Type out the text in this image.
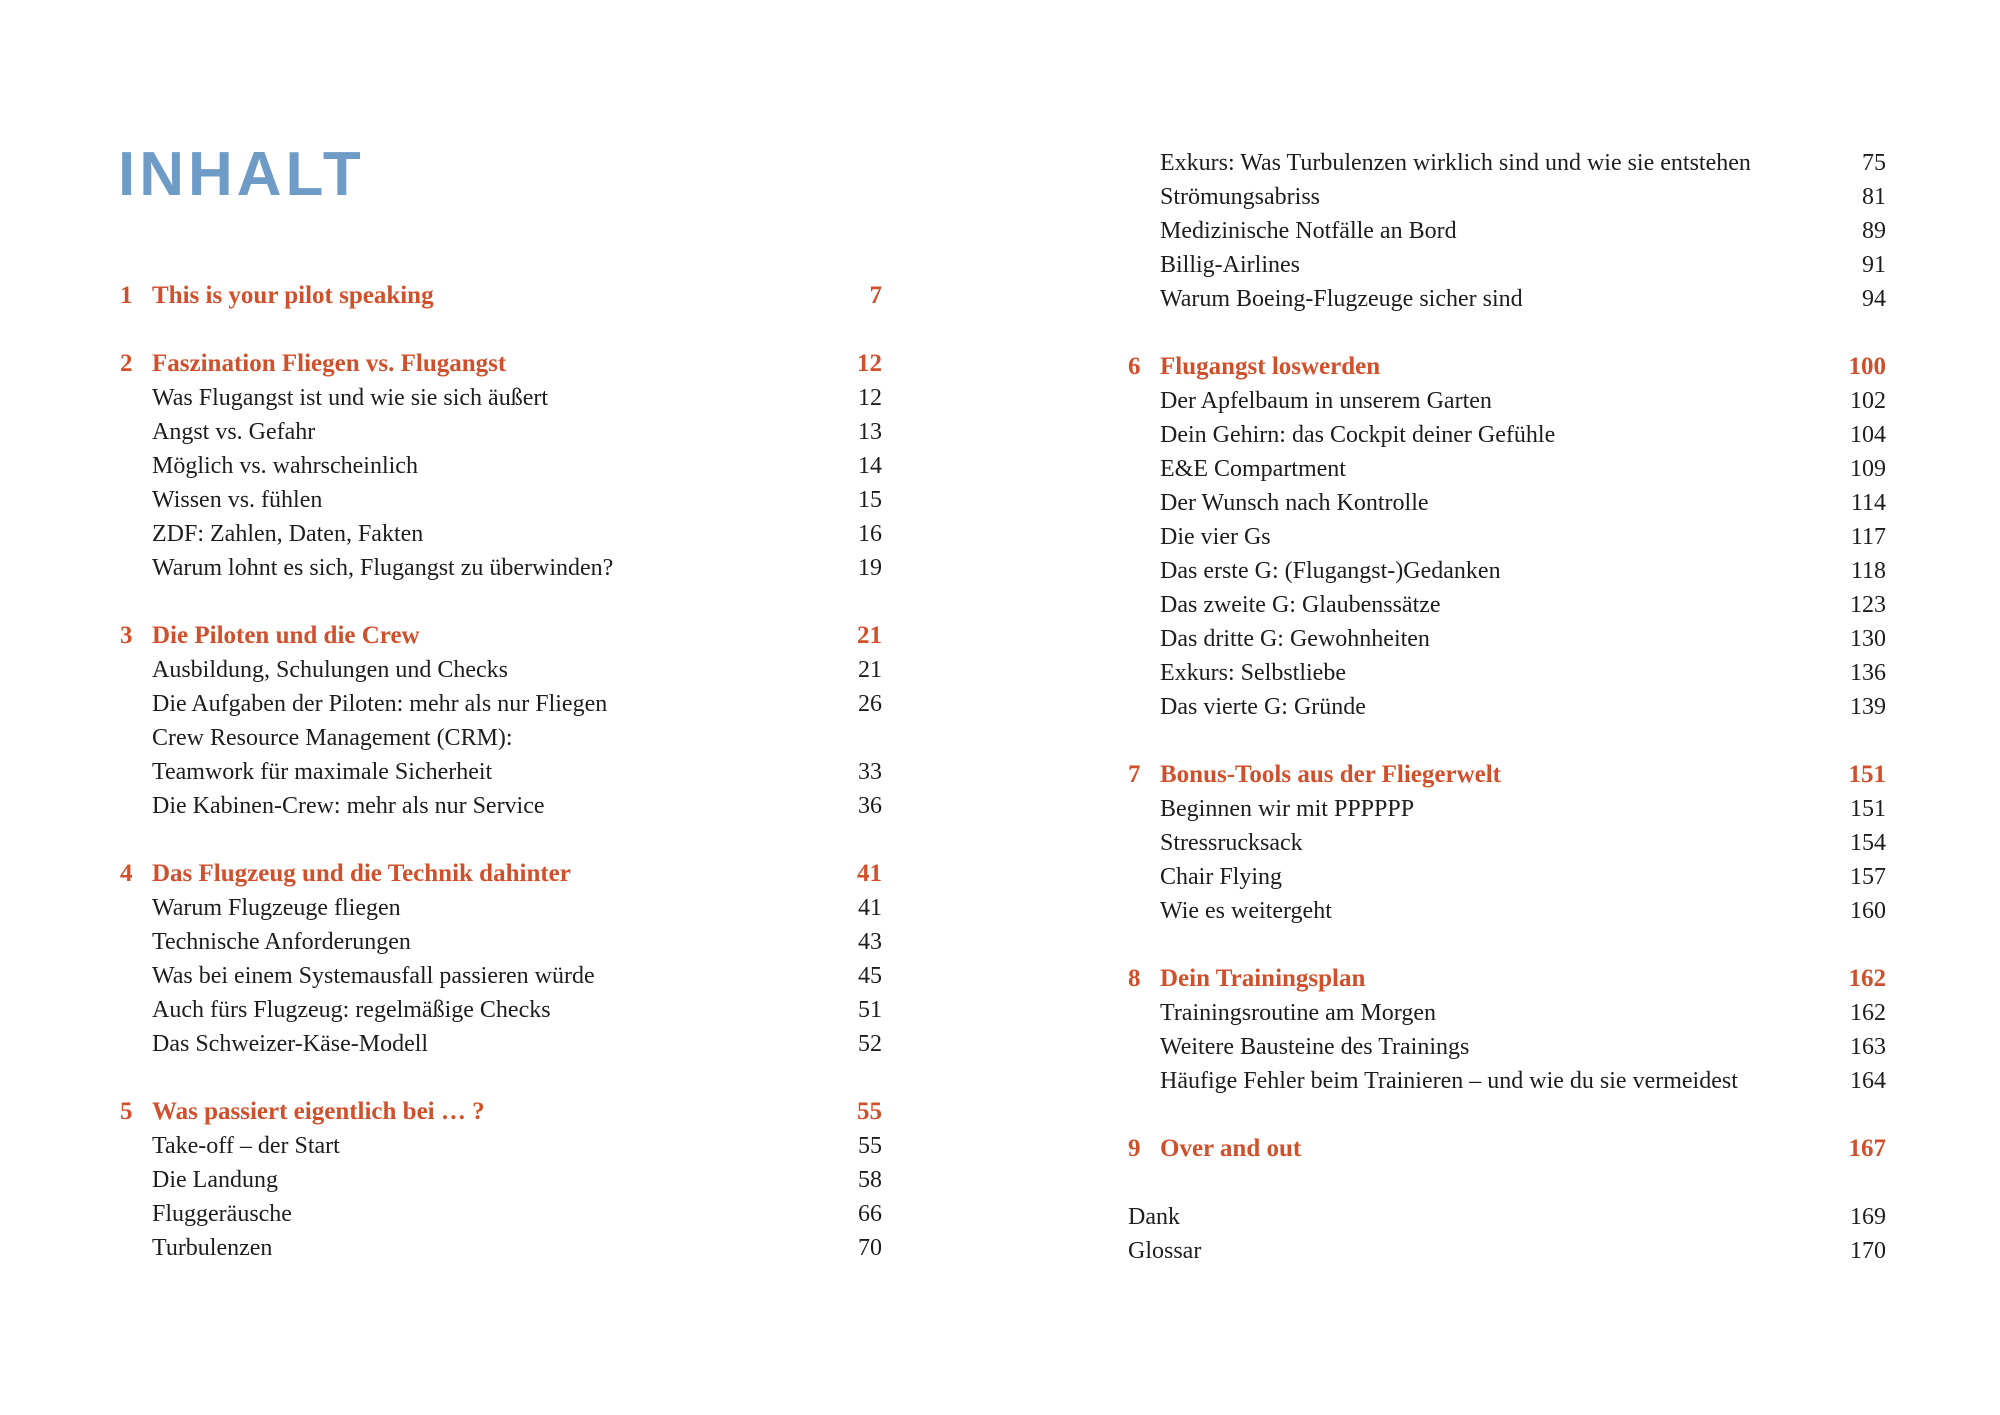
INHALT
1 This is your pilot speaking	7
2 Faszination Fliegen vs. Flugangst	12
Was Flugangst ist und wie sie sich äußert	12
Angst vs. Gefahr	13
Möglich vs. wahrscheinlich	14
Wissen vs. fühlen	15
ZDF: Zahlen, Daten, Fakten	16
Warum lohnt es sich, Flugangst zu überwinden?	19
3 Die Piloten und die Crew	21
Ausbildung, Schulungen und Checks	21
Die Aufgaben der Piloten: mehr als nur Fliegen	26
Crew Resource Management (CRM):
Teamwork für maximale Sicherheit	33
Die Kabinen-Crew: mehr als nur Service	36
4 Das Flugzeug und die Technik dahinter	41
Warum Flugzeuge fliegen	41
Technische Anforderungen	43
Was bei einem Systemausfall passieren würde	45
Auch fürs Flugzeug: regelmäßige Checks	51
Das Schweizer-Käse-Modell	52
5 Was passiert eigentlich bei … ?	55
Take-off – der Start	55
Die Landung	58
Fluggeräusche	66
Turbulenzen	70
Exkurs: Was Turbulenzen wirklich sind und wie sie entstehen	75
Strömungsabriss	81
Medizinische Notfälle an Bord	89
Billig-Airlines	91
Warum Boeing-Flugzeuge sicher sind	94
6 Flugangst loswerden	100
Der Apfelbaum in unserem Garten	102
Dein Gehirn: das Cockpit deiner Gefühle	104
E&E Compartment	109
Der Wunsch nach Kontrolle	114
Die vier Gs	117
Das erste G: (Flugangst-)Gedanken	118
Das zweite G: Glaubenssätze	123
Das dritte G: Gewohnheiten	130
Exkurs: Selbstliebe	136
Das vierte G: Gründe	139
7 Bonus-Tools aus der Fliegerwelt	151
Beginnen wir mit PPPPPP	151
Stressrucksack	154
Chair Flying	157
Wie es weitergeht	160
8 Dein Trainingsplan	162
Trainingsroutine am Morgen	162
Weitere Bausteine des Trainings	163
Häufige Fehler beim Trainieren – und wie du sie vermeidest	164
9 Over and out	167
Dank	169
Glossar	170
